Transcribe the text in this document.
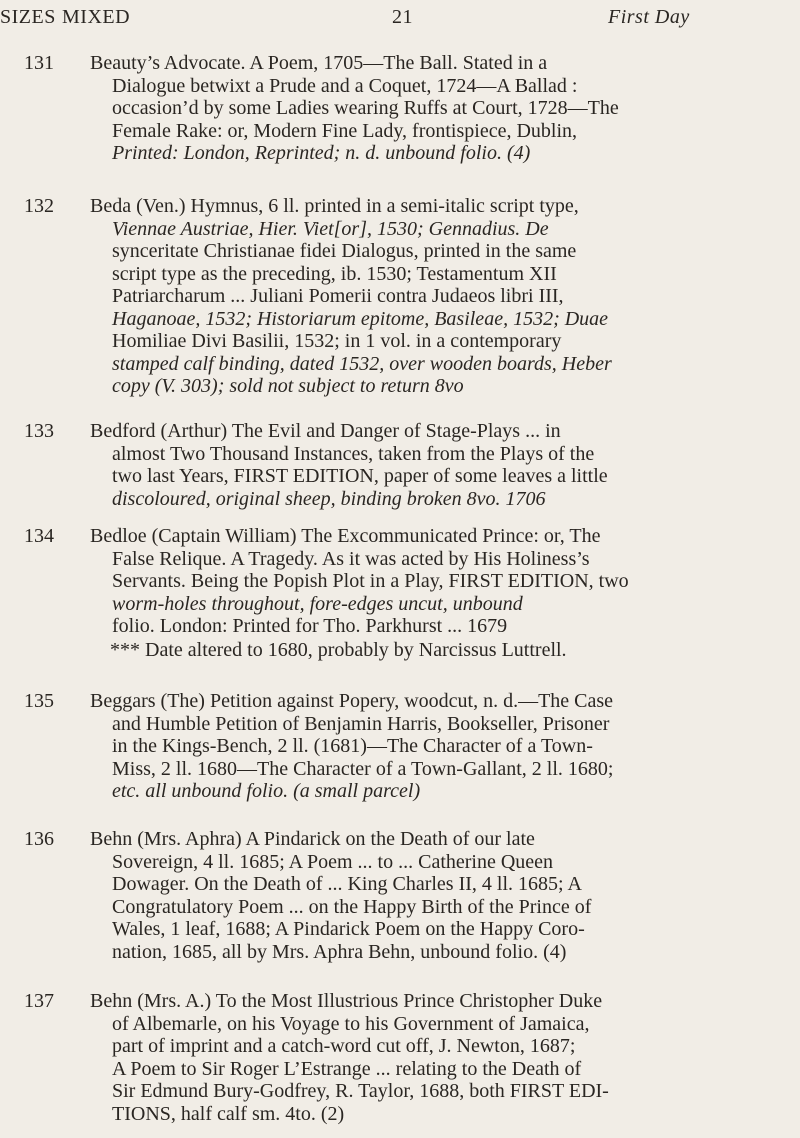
SIZES MIXED	21	First Day
131 Beauty’s Advocate. A Poem, 1705—The Ball. Stated in a
Dialogue betwixt a Prude and a Coquet, 1724—A Ballad :
occasion’d by some Ladies wearing Ruffs at Court, 1728—The
Female Rake: or, Modern Fine Lady, frontispiece, Dublin,
Printed: London, Reprinted; n. d. unbound folio. (4)
132 Beda (Ven.) Hymnus, 6 ll. printed in a semi-italic script type,
Viennae Austriae, Hier. Viet[or], 1530; Gennadius. De
synceritate Christianae fidei Dialogus, printed in the same
script type as the preceding, ib. 1530; Testamentum XII
Patriarcharum ... Juliani Pomerii contra Judaeos libri III,
Haganoae, 1532; Historiarum epitome, Basileae, 1532; Duae
Homiliae Divi Basilii, 1532; in 1 vol. in a contemporary
stamped calf binding, dated 1532, over wooden boards, Heber
copy (V. 303); sold not subject to return 8vo
133 Bedford (Arthur) The Evil and Danger of Stage-Plays ... in
almost Two Thousand Instances, taken from the Plays of the
two last Years, FIRST EDITION, paper of some leaves a little
discoloured, original sheep, binding broken 8vo. 1706
134 Bedloe (Captain William) The Excommunicated Prince: or, The
False Relique. A Tragedy. As it was acted by His Holiness’s
Servants. Being the Popish Plot in a Play, FIRST EDITION, two
worm-holes throughout, fore-edges uncut, unbound
folio. London: Printed for Tho. Parkhurst ... 1679
*** Date altered to 1680, probably by Narcissus Luttrell.
135 Beggars (The) Petition against Popery, woodcut, n. d.—The Case
and Humble Petition of Benjamin Harris, Bookseller, Prisoner
in the Kings-Bench, 2 ll. (1681)—The Character of a Town-
Miss, 2 ll. 1680—The Character of a Town-Gallant, 2 ll. 1680;
etc. all unbound folio. (a small parcel)
136 Behn (Mrs. Aphra) A Pindarick on the Death of our late
Sovereign, 4 ll. 1685; A Poem ... to ... Catherine Queen
Dowager. On the Death of ... King Charles II, 4 ll. 1685; A
Congratulatory Poem ... on the Happy Birth of the Prince of
Wales, 1 leaf, 1688; A Pindarick Poem on the Happy Coro-
nation, 1685, all by Mrs. Aphra Behn, unbound folio. (4)
137 Behn (Mrs. A.) To the Most Illustrious Prince Christopher Duke
of Albemarle, on his Voyage to his Government of Jamaica,
part of imprint and a catch-word cut off, J. Newton, 1687;
A Poem to Sir Roger L’Estrange ... relating to the Death of
Sir Edmund Bury-Godfrey, R. Taylor, 1688, both FIRST EDI-
TIONS, half calf sm. 4to. (2)
